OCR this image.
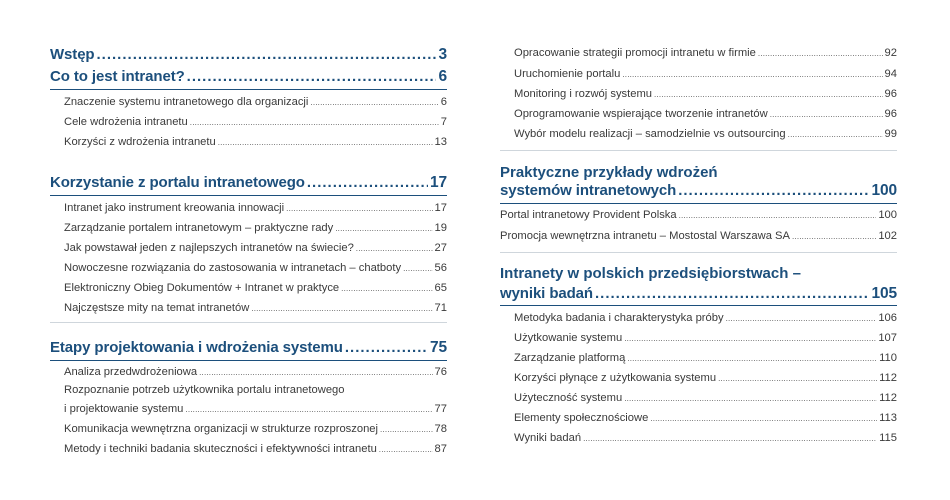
Wstęp .....	3
Co to jest intranet? .....	6
Znaczenie systemu intranetowego dla organizacji .....	6
Cele wdrożenia intranetu .....	7
Korzyści z wdrożenia intranetu .....	13
Korzystanie z portalu intranetowego .....	17
Intranet jako instrument kreowania innowacji .....	17
Zarządzanie portalem intranetowym – praktyczne rady .....	19
Jak powstawał jeden z najlepszych intranetów na świecie? .....	27
Nowoczesne rozwiązania do zastosowania w intranetach – chatboty .....	56
Elektroniczny Obieg Dokumentów + Intranet w praktyce .....	65
Najczęstsze mity na temat intranetów .....	71
Etapy projektowania i wdrożenia systemu .....	75
Analiza przedwdrożeniowa .....	76
Rozpoznanie potrzeb użytkownika portalu intranetowego
i projektowanie systemu .....	77
Komunikacja wewnętrzna organizacji w strukturze rozproszonej .....	78
Metody i techniki badania skuteczności i efektywności intranetu .....	87
Opracowanie strategii promocji intranetu w firmie .....	92
Uruchomienie portalu .....	94
Monitoring i rozwój systemu .....	96
Oprogramowanie wspierające tworzenie intranetów .....	96
Wybór modelu realizacji – samodzielnie vs outsourcing .....	99
Praktyczne przykłady wdrożeń
systemów intranetowych .....	100
Portal intranetowy Provident Polska .....	100
Promocja wewnętrzna intranetu – Mostostal Warszawa SA .....	102
Intranety w polskich przedsiębiorstwach –
wyniki badań .....	105
Metodyka badania i charakterystyka próby .....	106
Użytkowanie systemu .....	107
Zarządzanie platformą .....	110
Korzyści płynące z użytkowania systemu .....	112
Użyteczność systemu .....	112
Elementy społecznościowe .....	113
Wyniki badań .....	115
